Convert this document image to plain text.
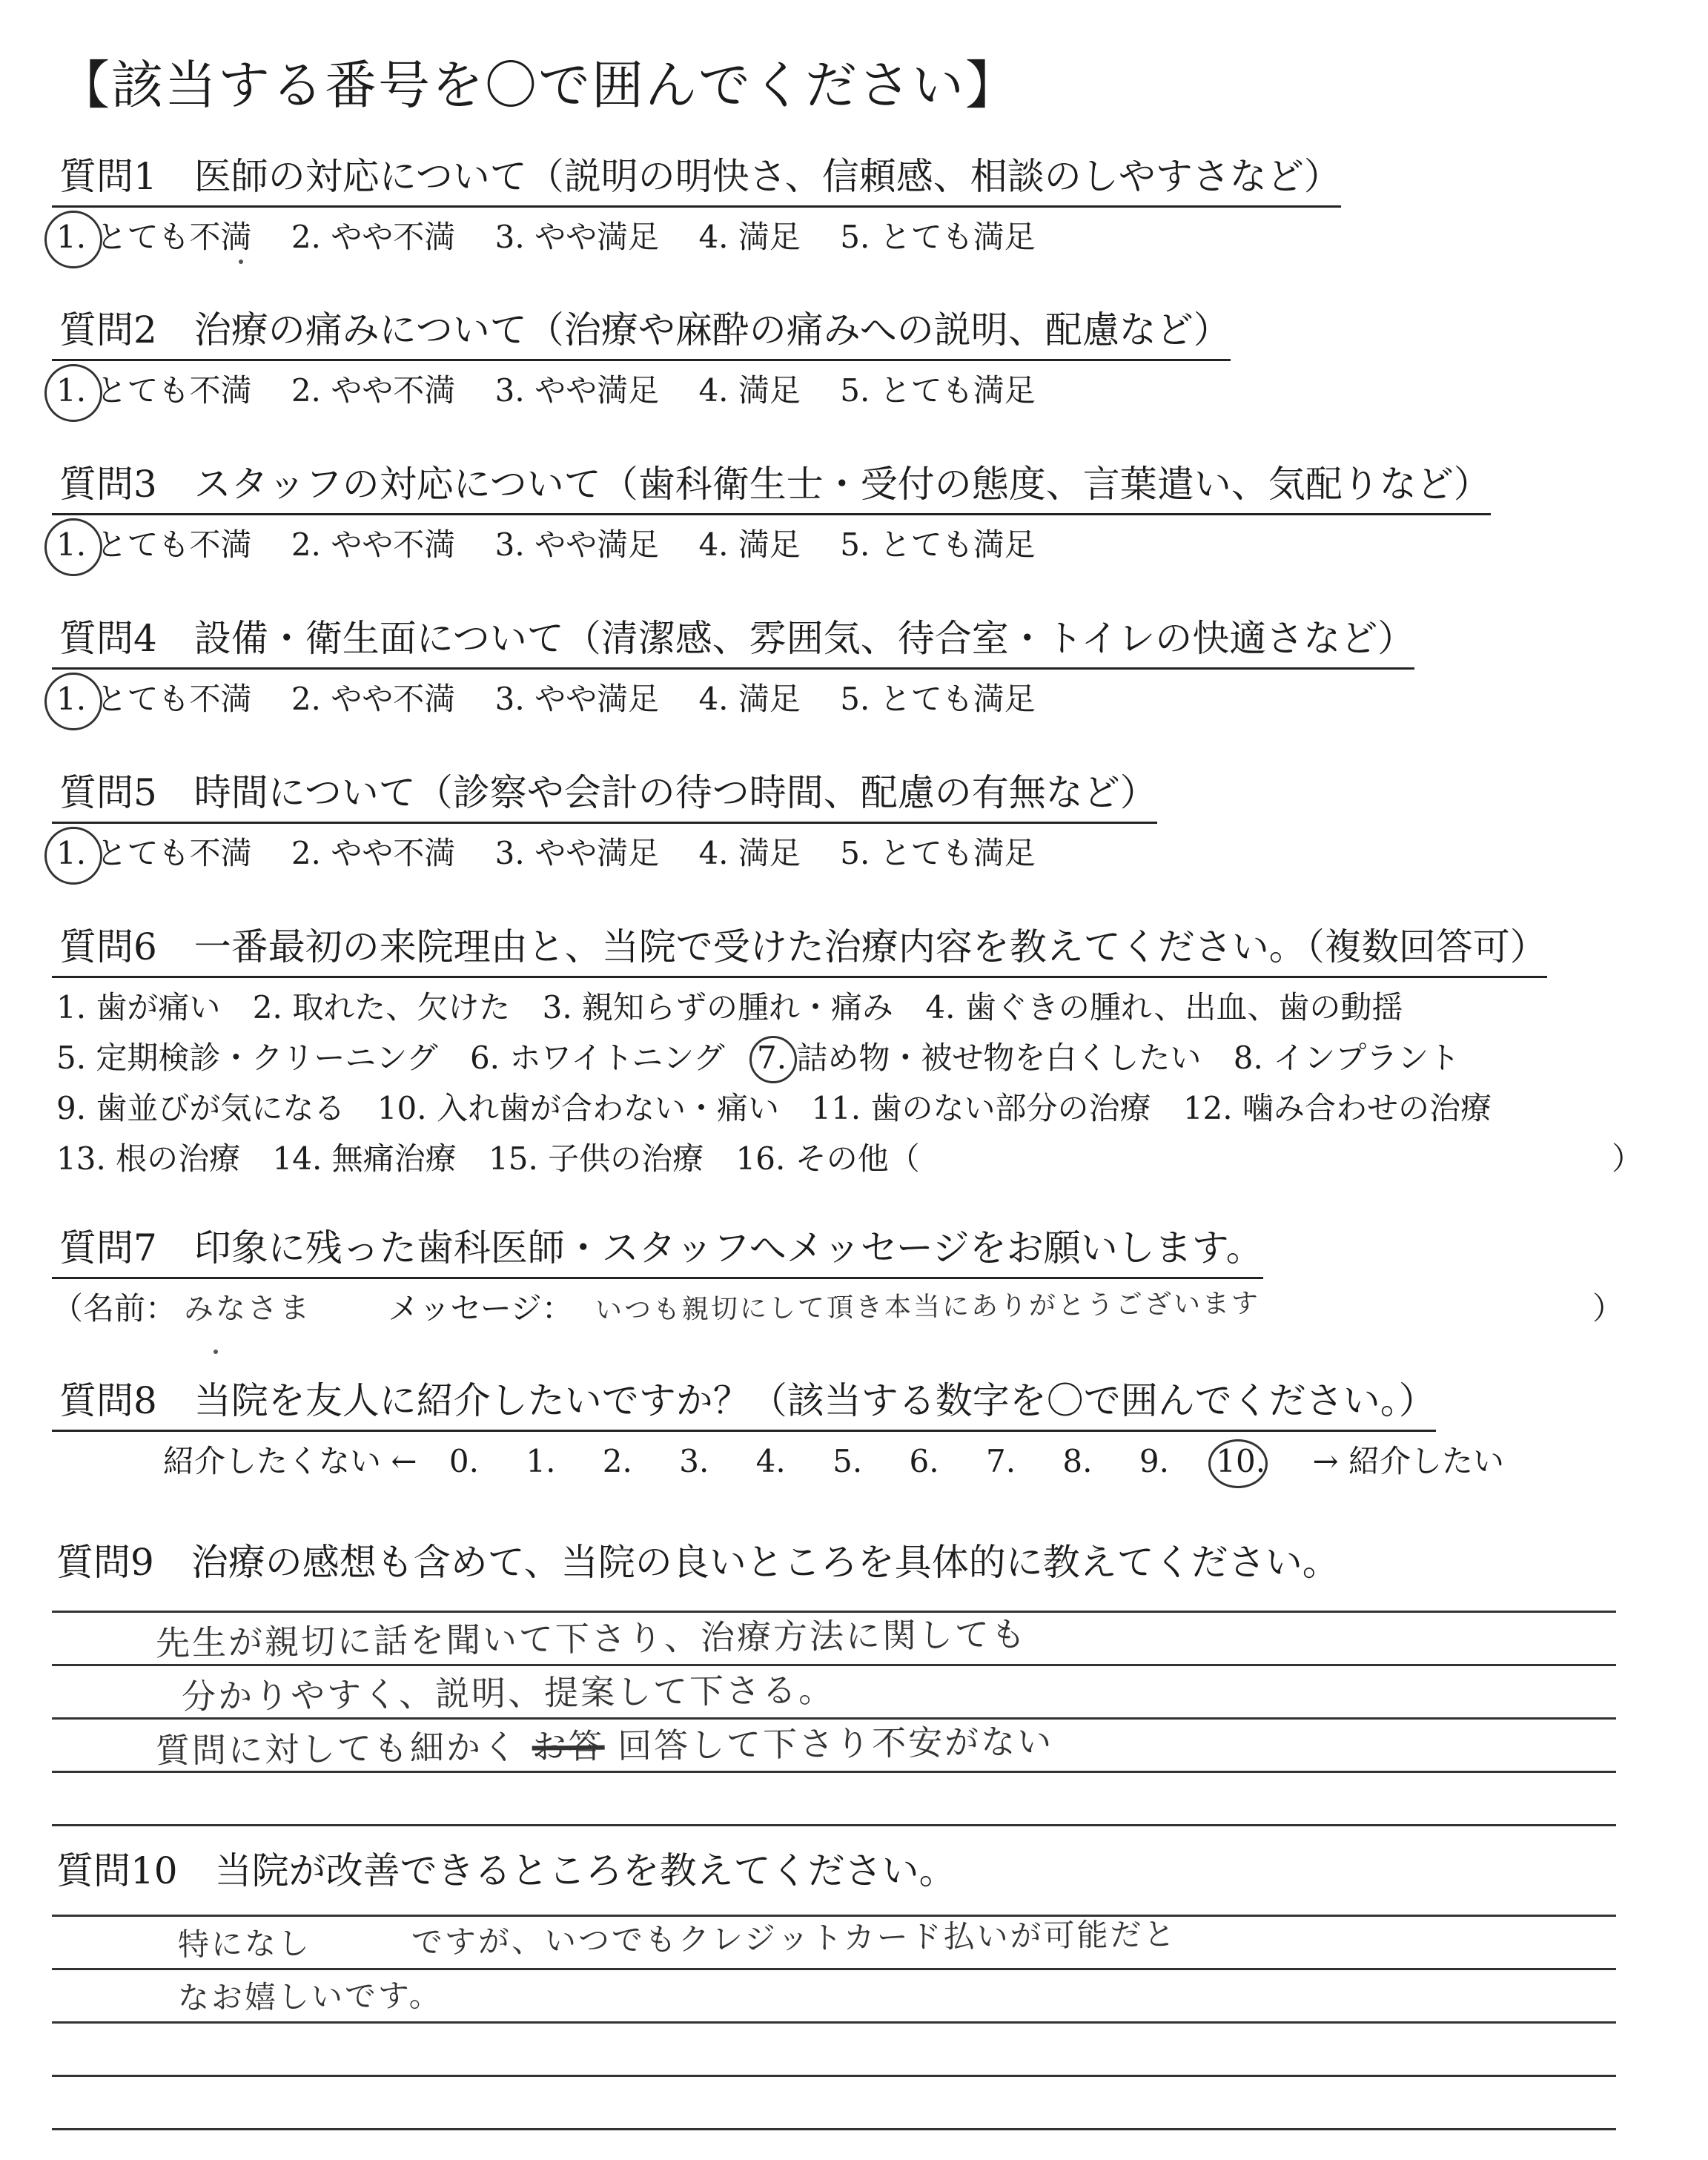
【該当する番号を〇で囲んでください】
質問1　医師の対応について（説明の明快さ、信頼感、相談のしやすさなど）
1. とても不満 2. やや不満 3. やや満足 4. 満足 5. とても満足
質問2　治療の痛みについて（治療や麻酔の痛みへの説明、配慮など）
1. とても不満 2. やや不満 3. やや満足 4. 満足 5. とても満足
質問3　スタッフの対応について（歯科衛生士・受付の態度、言葉遣い、気配りなど）
1. とても不満 2. やや不満 3. やや満足 4. 満足 5. とても満足
質問4　設備・衛生面について（清潔感、雰囲気、待合室・トイレの快適さなど）
1. とても不満 2. やや不満 3. やや満足 4. 満足 5. とても満足
質問5　時間について（診察や会計の待つ時間、配慮の有無など）
1. とても不満 2. やや不満 3. やや満足 4. 満足 5. とても満足
質問6　一番最初の来院理由と、当院で受けた治療内容を教えてください。（複数回答可）
1. 歯が痛い 2. 取れた、欠けた 3. 親知らずの腫れ・痛み 4. 歯ぐきの腫れ、出血、歯の動揺
5. 定期検診・クリーニング 6. ホワイトニング 7. 詰め物・被せ物を白くしたい 8. インプラント
9. 歯並びが気になる 10. 入れ歯が合わない・痛い 11. 歯のない部分の治療 12. 噛み合わせの治療
13. 根の治療 14. 無痛治療 15. 子供の治療 16. その他（	）
質問7　印象に残った歯科医師・スタッフへメッセージをお願いします。
（名前： みなさま メッセージ： いつも親切にして頂き本当にありがとうございます	）
質問8　当院を友人に紹介したいですか？（該当する数字を〇で囲んでください。）
紹介したくない ← 0. 1. 2. 3. 4. 5. 6. 7. 8. 9. 10. → 紹介したい
質問9　治療の感想も含めて、当院の良いところを具体的に教えてください。
先生が親切に話を聞いて下さり、治療方法に関しても
分かりやすく、説明、提案して下さる。
質問に対しても細かく お答 回答して下さり不安がない
質問10　当院が改善できるところを教えてください。
特になし　　　ですが、いつでもクレジットカード払いが可能だと
なお嬉しいです。
